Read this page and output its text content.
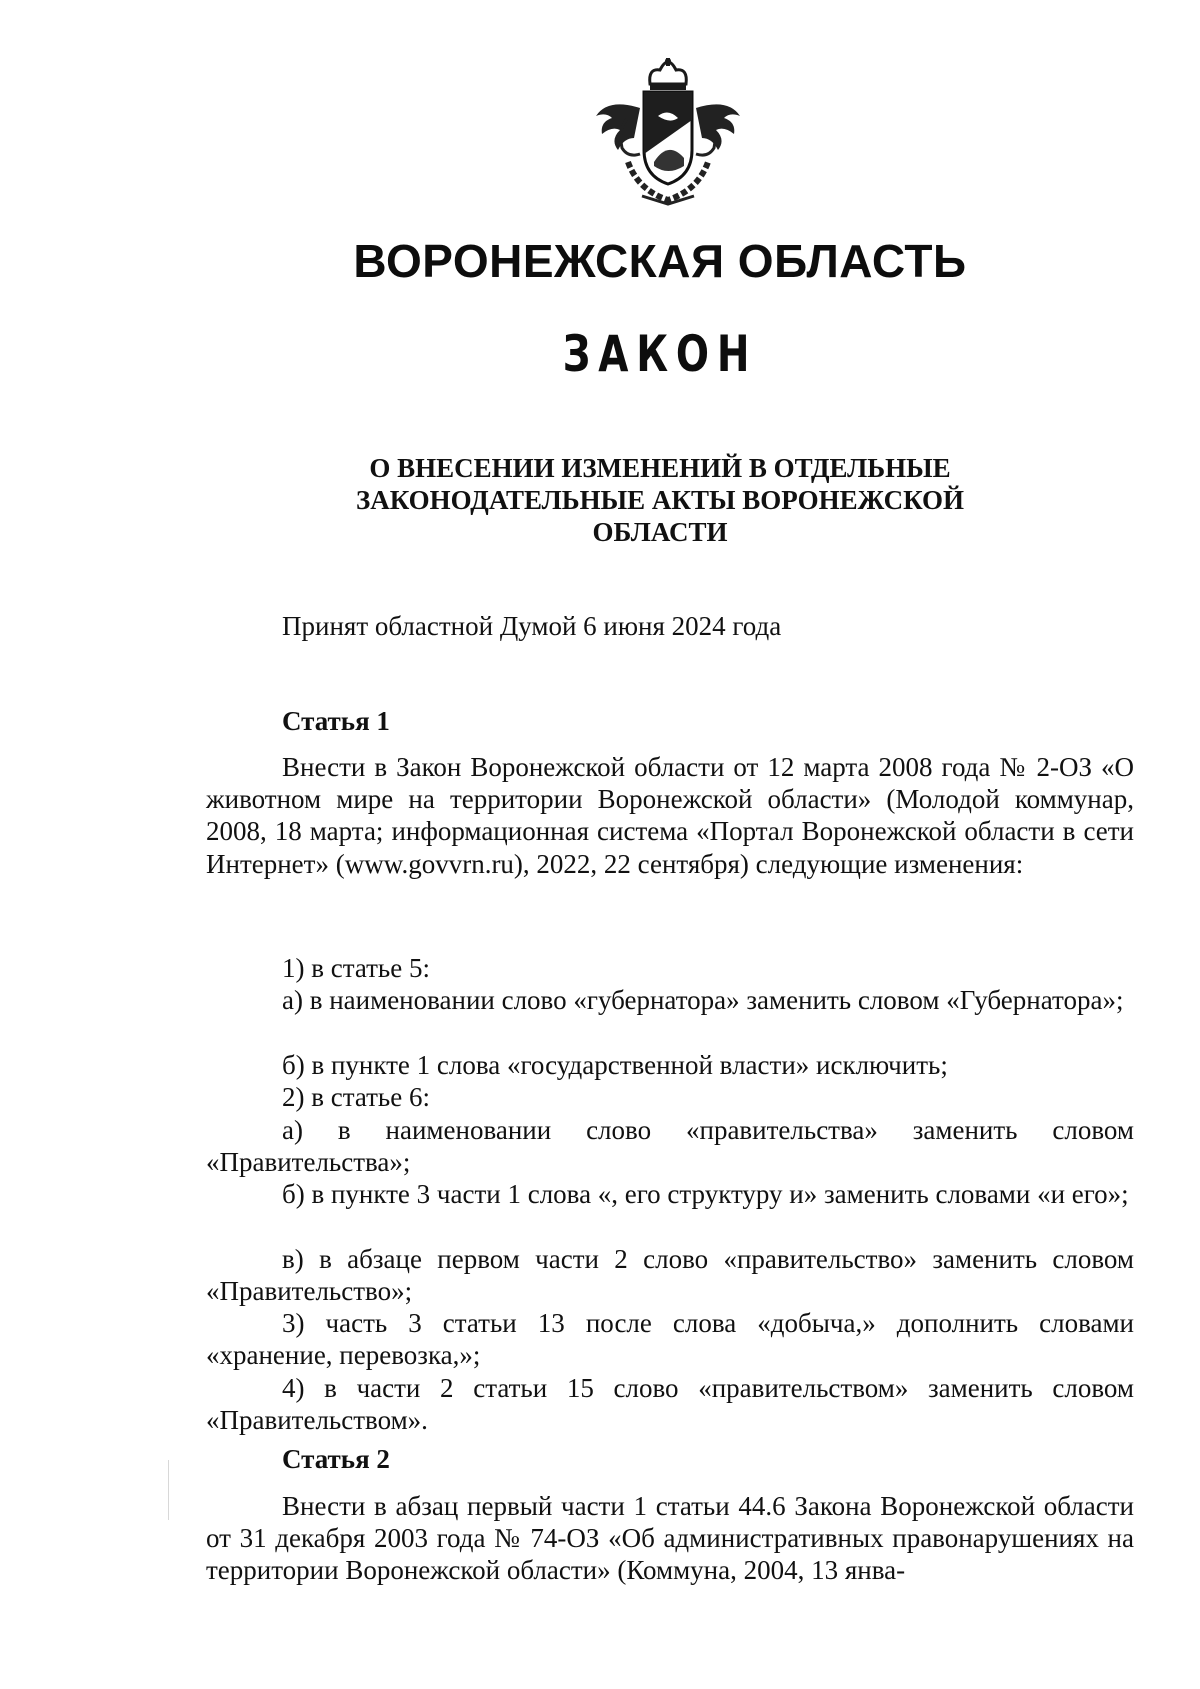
ВОРОНЕЖСКАЯ ОБЛАСТЬ
ЗАКОН
О ВНЕСЕНИИ ИЗМЕНЕНИЙ В ОТДЕЛЬНЫЕ
ЗАКОНОДАТЕЛЬНЫЕ АКТЫ ВОРОНЕЖСКОЙ
ОБЛАСТИ
Принят областной Думой 6 июня 2024 года
Статья 1
Внести в Закон Воронежской области от 12 марта 2008 года № 2-ОЗ «О животном мире на территории Воронежской области» (Молодой коммунар, 2008, 18 марта; информационная система «Портал Воронежской области в сети Интернет» (www.govvrn.ru), 2022, 22 сентября) следующие изменения:
1) в статье 5:
а) в наименовании слово «губернатора» заменить словом «Губернатора»;
б) в пункте 1 слова «государственной власти» исключить;
2) в статье 6:
а) в наименовании слово «правительства» заменить словом «Правительства»;
б) в пункте 3 части 1 слова «, его структуру и» заменить словами «и его»;
в) в абзаце первом части 2 слово «правительство» заменить словом «Правительство»;
3) часть 3 статьи 13 после слова «добыча,» дополнить словами «хранение, перевозка,»;
4) в части 2 статьи 15 слово «правительством» заменить словом «Правительством».
Статья 2
Внести в абзац первый части 1 статьи 44.6 Закона Воронежской области от 31 декабря 2003 года № 74-ОЗ «Об административных правонарушениях на территории Воронежской области» (Коммуна, 2004, 13 янва-
